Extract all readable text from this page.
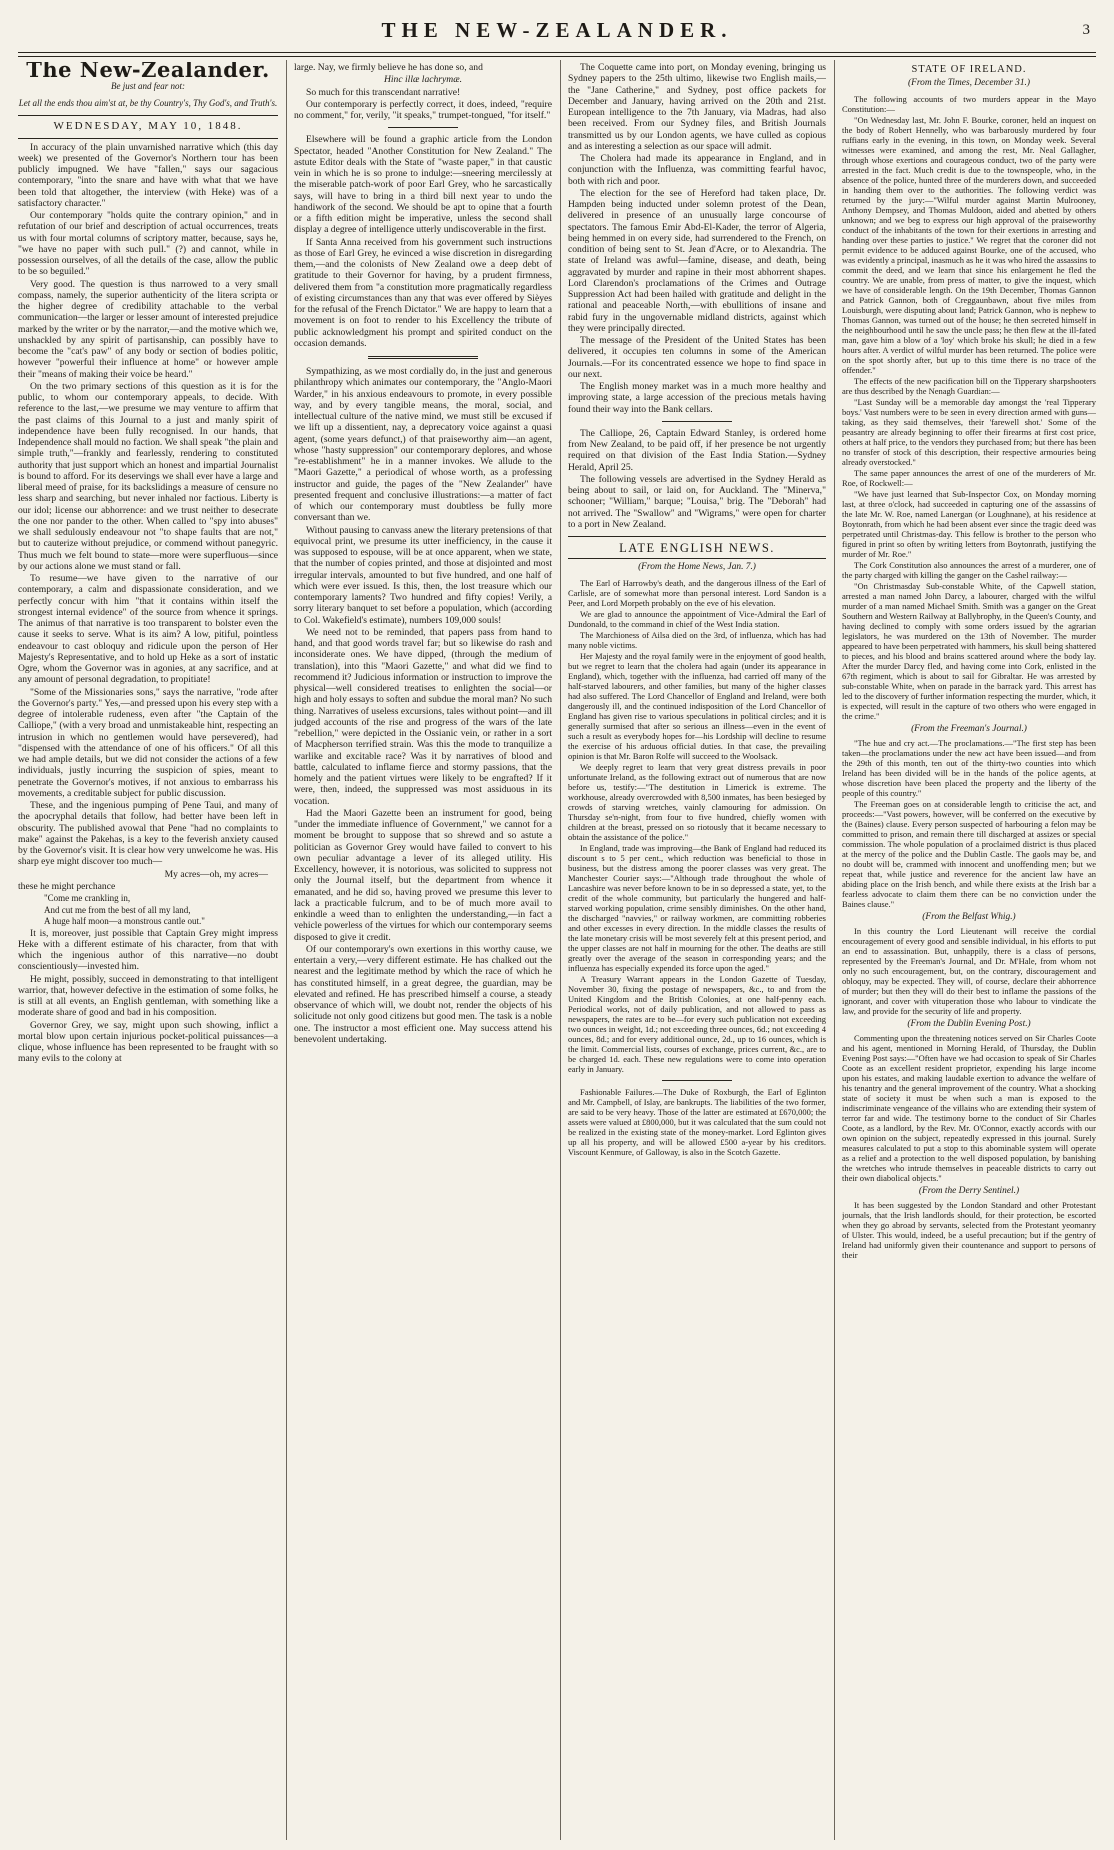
THE NEW-ZEALANDER.	3
The New-Zealander.
Be just and fear not:
Let all the ends thou aim'st at, be thy Country's, Thy God's, and Truth's.
WEDNESDAY, MAY 10, 1848.

In accuracy of the plain unvarnished narrative which (this day week) we presented of the Governor's Northern tour has been publicly impugned. We have "fallen," says our sagacious contemporary, "into the snare and have with what that we have been told that altogether, the interview (with Heke) was of a satisfactory character."

Our contemporary "holds quite the contrary opinion," and in refutation of our brief and description of actual occurrences, treats us with four mortal columns of scriptory matter, because, says he, "we have no paper with such pull." (?) and cannot, while in possession ourselves, of all the details of the case, allow the public to be so beguiled."

Very good. The question is thus narrowed to a very small compass, namely, the superior authenticity of the litera scripta or the higher degree of credibility attachable to the verbal communication—the larger or lesser amount of interested prejudice marked by the writer or by the narrator,—and the motive which we, unshackled by any spirit of partisanship, can possibly have to become the "cat's paw" of any body or section of bodies politic, however "powerful their influence at home" or however ample their "means of making their voice be heard."

On the two primary sections of this question as it is for the public, to whom our contemporary appeals, to decide. With reference to the last,—we presume we may venture to affirm that the past claims of this Journal to a just and manly spirit of independence have been fully recognised. In our hands, that Independence shall mould no faction. We shall speak "the plain and simple truth,"—frankly and fearlessly, rendering to constituted authority that just support which an honest and impartial Journalist is bound to afford. For its deservings we shall ever have a large and liberal meed of praise, for its backslidings a measure of censure no less sharp and searching, but never inhaled nor factious. Liberty is our idol; license our abhorrence: and we trust neither to desecrate the one nor pander to the other. When called to "spy into abuses" we shall sedulously endeavour not "to shape faults that are not," but to cauterize without prejudice, or commend without panegyric. Thus much we felt bound to state—more were superfluous—since by our actions alone we must stand or fall.

To resume—we have given to the narrative of our contemporary, a calm and dispassionate consideration, and we perfectly concur with him "that it contains within itself the strongest internal evidence" of the source from whence it springs. The animus of that narrative is too transparent to bolster even the cause it seeks to serve. What is its aim? A low, pitiful, pointless endeavour to cast obloquy and ridicule upon the person of Her Majesty's Representative, and to hold up Heke as a sort of instatic Ogre, whom the Governor was in agonies, at any sacrifice, and at any amount of personal degradation, to propitiate!

"Some of the Missionaries sons," says the narrative, "rode after the Governor's party." Yes,—and pressed upon his every step with a degree of intolerable rudeness, even after "the Captain of the Calliope," (with a very broad and unmistakeable hint, respecting an intrusion in which no gentlemen would have persevered), had "dispensed with the attendance of one of his officers." Of all this we had ample details, but we did not consider the actions of a few individuals, justly incurring the suspicion of spies, meant to penetrate the Governor's motives, if not anxious to embarrass his movements, a creditable subject for public discussion.

These, and the ingenious pumping of Pene Taui, and many of the apocryphal details that follow, had better have been left in obscurity. The published avowal that Pene "had no complaints to make" against the Pakehas, is a key to the feverish anxiety caused by the Governor's visit. It is clear how very unwelcome he was. His sharp eye might discover too much—

My acres—oh, my acres—

these he might perchance

"Come me crankling in,

And cut me from the best of all my land,

A huge half moon—a monstrous cantle out."

It is, moreover, just possible that Captain Grey might impress Heke with a different estimate of his character, from that with which the ingenious author of this narrative—no doubt conscientiously—invested him.

He might, possibly, succeed in demonstrating to that intelligent warrior, that, however defective in the estimation of some folks, he is still at all events, an English gentleman, with something like a moderate share of good and bad in his composition.

Governor Grey, we say, might upon such showing, inflict a mortal blow upon certain injurious pocket-political puissances—a clique, whose influence has been represented to be fraught with so many evils to the colony at

large. Nay, we firmly believe he has done so, and

Hinc illæ lachrymæ.

So much for this transcendant narrative!

Our contemporary is perfectly correct, it does, indeed, "require no comment," for, verily, "it speaks," trumpet-tongued, "for itself."

Elsewhere will be found a graphic article from the London Spectator, headed "Another Constitution for New Zealand." The astute Editor deals with the State of "waste paper," in that caustic vein in which he is so prone to indulge:—sneering mercilessly at the miserable patch-work of poor Earl Grey, who he sarcastically says, will have to bring in a third bill next year to undo the handiwork of the second. We should be apt to opine that a fourth or a fifth edition might be imperative, unless the second shall display a degree of intelligence utterly undiscoverable in the first.

If Santa Anna received from his government such instructions as those of Earl Grey, he evinced a wise discretion in disregarding them,—and the colonists of New Zealand owe a deep debt of gratitude to their Governor for having, by a prudent firmness, delivered them from "a constitution more pragmatically regardless of existing circumstances than any that was ever offered by Sièyes for the refusal of the French Dictator." We are happy to learn that a movement is on foot to render to his Excellency the tribute of public acknowledgment his prompt and spirited conduct on the occasion demands.

Sympathizing, as we most cordially do, in the just and generous philanthropy which animates our contemporary, the "Anglo-Maori Warder," in his anxious endeavours to promote, in every possible way, and by every tangible means, the moral, social, and intellectual culture of the native mind, we must still be excused if we lift up a dissentient, nay, a deprecatory voice against a quasi agent, (some years defunct,) of that praiseworthy aim—an agent, whose "hasty suppression" our contemporary deplores, and whose "re-establishment" he in a manner invokes. We allude to the "Maori Gazette," a periodical of whose worth, as a professing instructor and guide, the pages of the "New Zealander" have presented frequent and conclusive illustrations:—a matter of fact of which our contemporary must doubtless be fully more conversant than we.

Without pausing to canvass anew the literary pretensions of that equivocal print, we presume its utter inefficiency, in the cause it was supposed to espouse, will be at once apparent, when we state, that the number of copies printed, and those at disjointed and most irregular intervals, amounted to but five hundred, and one half of which were ever issued. Is this, then, the lost treasure which our contemporary laments? Two hundred and fifty copies! Verily, a sorry literary banquet to set before a population, which (according to Col. Wakefield's estimate), numbers 109,000 souls!

We need not to be reminded, that papers pass from hand to hand, and that good words travel far; but so likewise do rash and inconsiderate ones. We have dipped, (through the medium of translation), into this "Maori Gazette," and what did we find to recommend it? Judicious information or instruction to improve the physical—well considered treatises to enlighten the social—or high and holy essays to soften and subdue the moral man? No such thing. Narratives of useless excursions, tales without point—and ill judged accounts of the rise and progress of the wars of the late "rebellion," were depicted in the Ossianic vein, or rather in a sort of Macpherson terrified strain. Was this the mode to tranquilize a warlike and excitable race? Was it by narratives of blood and battle, calculated to inflame fierce and stormy passions, that the homely and the patient virtues were likely to be engrafted? If it were, then, indeed, the suppressed was most assiduous in its vocation.

Had the Maori Gazette been an instrument for good, being "under the immediate influence of Government," we cannot for a moment be brought to suppose that so shrewd and so astute a politician as Governor Grey would have failed to convert to his own peculiar advantage a lever of its alleged utility. His Excellency, however, it is notorious, was solicited to suppress not only the Journal itself, but the department from whence it emanated, and he did so, having proved we presume this lever to lack a practicable fulcrum, and to be of much more avail to enkindle a weed than to enlighten the understanding,—in fact a vehicle powerless of the virtues for which our contemporary seems disposed to give it credit.

Of our contemporary's own exertions in this worthy cause, we entertain a very,—very different estimate. He has chalked out the nearest and the legitimate method by which the race of which he has constituted himself, in a great degree, the guardian, may be elevated and refined. He has prescribed himself a course, a steady observance of which will, we doubt not, render the objects of his solicitude not only good citizens but good men. The task is a noble one. The instructor a most efficient one. May success attend his benevolent undertaking.

The Coquette came into port, on Monday evening, bringing us Sydney papers to the 25th ultimo, likewise two English mails,—the "Jane Catherine," and Sydney, post office packets for December and January, having arrived on the 20th and 21st. European intelligence to the 7th January, via Madras, had also been received. From our Sydney files, and British Journals transmitted us by our London agents, we have culled as copious and as interesting a selection as our space will admit.

The Cholera had made its appearance in England, and in conjunction with the Influenza, was committing fearful havoc, both with rich and poor.

The election for the see of Hereford had taken place, Dr. Hampden being inducted under solemn protest of the Dean, delivered in presence of an unusually large concourse of spectators. The famous Emir Abd-El-Kader, the terror of Algeria, being hemmed in on every side, had surrendered to the French, on condition of being sent to St. Jean d'Acre, or to Alexandria. The state of Ireland was awful—famine, disease, and death, being aggravated by murder and rapine in their most abhorrent shapes. Lord Clarendon's proclamations of the Crimes and Outrage Suppression Act had been hailed with gratitude and delight in the rational and peaceable North,—with ebullitions of insane and rabid fury in the ungovernable midland districts, against which they were principally directed.

The message of the President of the United States has been delivered, it occupies ten columns in some of the American Journals.—For its concentrated essence we hope to find space in our next.

The English money market was in a much more healthy and improving state, a large accession of the precious metals having found their way into the Bank cellars.

The Calliope, 26, Captain Edward Stanley, is ordered home from New Zealand, to be paid off, if her presence be not urgently required on that division of the East India Station.—Sydney Herald, April 25.

The following vessels are advertised in the Sydney Herald as being about to sail, or laid on, for Auckland. The "Minerva," schooner; "William," barque; "Louisa," brig. The "Deborah" had not arrived. The "Swallow" and "Wigrams," were open for charter to a port in New Zealand.

LATE ENGLISH NEWS.
(From the Home News, Jan. 7.)

The Earl of Harrowby's death, and the dangerous illness of the Earl of Carlisle, are of somewhat more than personal interest. Lord Sandon is a Peer, and Lord Morpeth probably on the eve of his elevation.

We are glad to announce the appointment of Vice-Admiral the Earl of Dundonald, to the command in chief of the West India station.

The Marchioness of Ailsa died on the 3rd, of influenza, which has had many noble victims.

Her Majesty and the royal family were in the enjoyment of good health, but we regret to learn that the cholera had again (under its appearance in England), which, together with the influenza, had carried off many of the half-starved labourers, and other families, but many of the higher classes had also suffered. The Lord Chancellor of England and Ireland, were both dangerously ill, and the continued indisposition of the Lord Chancellor of England has given rise to various speculations in political circles; and it is generally surmised that after so serious an illness—even in the event of such a result as everybody hopes for—his Lordship will decline to resume the exercise of his arduous official duties. In that case, the prevailing opinion is that Mr. Baron Rolfe will succeed to the Woolsack.

We deeply regret to learn that very great distress prevails in poor unfortunate Ireland, as the following extract out of numerous that are now before us, testify:—"The destitution in Limerick is extreme. The workhouse, already overcrowded with 8,500 inmates, has been besieged by crowds of starving wretches, vainly clamouring for admission. On Thursday se'n-night, from four to five hundred, chiefly women with children at the breast, pressed on so riotously that it became necessary to obtain the assistance of the police."

In England, trade was improving—the Bank of England had reduced its discount s to 5 per cent., which reduction was beneficial to those in business, but the distress among the poorer classes was very great. The Manchester Courier says:—"Although trade throughout the whole of Lancashire was never before known to be in so depressed a state, yet, to the credit of the whole community, but particularly the hungered and half-starved working population, crime sensibly diminishes. On the other hand, the discharged "navvies," or railway workmen, are committing robberies and other excesses in every direction. In the middle classes the results of the late monetary crisis will be most severely felt at this present period, and the upper classes are not half in mourning for the other. The deaths are still greatly over the average of the season in corresponding years; and the influenza has especially expended its force upon the aged."

A Treasury Warrant appears in the London Gazette of Tuesday, November 30, fixing the postage of newspapers, &c., to and from the United Kingdom and the British Colonies, at one half-penny each. Periodical works, not of daily publication, and not allowed to pass as newspapers, the rates are to be—for every such publication not exceeding two ounces in weight, 1d.; not exceeding three ounces, 6d.; not exceeding 4 ounces, 8d.; and for every additional ounce, 2d., up to 16 ounces, which is the limit. Commercial lists, courses of exchange, prices current, &c., are to be charged 1d. each. These new regulations were to come into operation early in January.

Fashionable Failures.—The Duke of Roxburgh, the Earl of Eglinton and Mr. Campbell, of Islay, are bankrupts. The liabilities of the two former, are said to be very heavy. Those of the latter are estimated at £670,000; the assets were valued at £800,000, but it was calculated that the sum could not be realized in the existing state of the money-market. Lord Eglinton gives up all his property, and will be allowed £500 a-year by his creditors. Viscount Kenmure, of Galloway, is also in the Scotch Gazette.

STATE OF IRELAND.
(From the Times, December 31.)

The following accounts of two murders appear in the Mayo Constitution:—

"On Wednesday last, Mr. John F. Bourke, coroner, held an inquest on the body of Robert Hennelly, who was barbarously murdered by four ruffians early in the evening, in this town, on Monday week. Several witnesses were examined, and among the rest, Mr. Neal Gallagher, through whose exertions and courageous conduct, two of the party were arrested in the fact. Much credit is due to the townspeople, who, in the absence of the police, hunted three of the murderers down, and succeeded in handing them over to the authorities. The following verdict was returned by the jury:—"Wilful murder against Martin Mulrooney, Anthony Dempsey, and Thomas Muldoon, aided and abetted by others unknown; and we beg to express our high approval of the praiseworthy conduct of the inhabitants of the town for their exertions in arresting and handing over these parties to justice." We regret that the coroner did not permit evidence to be adduced against Bourke, one of the accused, who was evidently a principal, inasmuch as he it was who hired the assassins to commit the deed, and we learn that since his enlargement he fled the country. We are unable, from press of matter, to give the inquest, which we have of considerable length. On the 19th December, Thomas Gannon and Patrick Gannon, both of Creggaunbawn, about five miles from Louisburgh, were disputing about land; Patrick Gannon, who is nephew to Thomas Gannon, was turned out of the house; he then secreted himself in the neighbourhood until he saw the uncle pass; he then flew at the ill-fated man, gave him a blow of a 'loy' which broke his skull; he died in a few hours after. A verdict of wilful murder has been returned. The police were on the spot shortly after, but up to this time there is no trace of the offender."

The effects of the new pacification bill on the Tipperary sharpshooters are thus described by the Nenagh Guardian:—

"Last Sunday will be a memorable day amongst the 'real Tipperary boys.' Vast numbers were to be seen in every direction armed with guns—taking, as they said themselves, their 'farewell shot.' Some of the peasantry are already beginning to offer their firearms at first cost price, others at half price, to the vendors they purchased from; but there has been no transfer of stock of this description, their respective armouries being already overstocked."

The same paper announces the arrest of one of the murderers of Mr. Roe, of Rockwell:—

"We have just learned that Sub-Inspector Cox, on Monday morning last, at three o'clock, had succeeded in capturing one of the assassins of the late Mr. W. Roe, named Lanergan (or Loughnane), at his residence at Boytonrath, from which he had been absent ever since the tragic deed was perpetrated until Christmas-day. This fellow is brother to the person who figured in print so often by writing letters from Boytonrath, justifying the murder of Mr. Roe."

The Cork Constitution also announces the arrest of a murderer, one of the party charged with killing the ganger on the Cashel railway:—

"On Christmasday Sub-constable White, of the Capwell station, arrested a man named John Darcy, a labourer, charged with the wilful murder of a man named Michael Smith. Smith was a ganger on the Great Southern and Western Railway at Ballybrophy, in the Queen's County, and having declined to comply with some orders issued by the agrarian legislators, he was murdered on the 13th of November. The murder appeared to have been perpetrated with hammers, his skull being shattered to pieces, and his blood and brains scattered around where the body lay. After the murder Darcy fled, and having come into Cork, enlisted in the 67th regiment, which is about to sail for Gibraltar. He was arrested by sub-constable White, when on parade in the barrack yard. This arrest has led to the discovery of further information respecting the murder, which, it is expected, will result in the capture of two others who were engaged in the crime."

(From the Freeman's Journal.)

"The hue and cry act.—The proclamations.—"The first step has been taken—the proclamations under the new act have been issued—and from the 29th of this month, ten out of the thirty-two counties into which Ireland has been divided will be in the hands of the police agents, at whose discretion have been placed the property and the liberty of the people of this country."

The Freeman goes on at considerable length to criticise the act, and proceeds:—"Vast powers, however, will be conferred on the executive by the (Baines) clause. Every person suspected of harbouring a felon may be committed to prison, and remain there till discharged at assizes or special commission. The whole population of a proclaimed district is thus placed at the mercy of the police and the Dublin Castle. The gaols may be, and no doubt will be, crammed with innocent and unoffending men; but we repeat that, while justice and reverence for the ancient law have an abiding place on the Irish bench, and while there exists at the Irish bar a fearless advocate to claim them there can be no conviction under the Baines clause."

(From the Belfast Whig.)

In this country the Lord Lieutenant will receive the cordial encouragement of every good and sensible individual, in his efforts to put an end to assassination. But, unhappily, there is a class of persons, represented by the Freeman's Journal, and Dr. M'Hale, from whom not only no such encouragement, but, on the contrary, discouragement and obloquy, may be expected. They will, of course, declare their abhorrence of murder; but then they will do their best to inflame the passions of the ignorant, and cover with vituperation those who labour to vindicate the law, and provide for the security of life and property.

(From the Dublin Evening Post.)

Commenting upon the threatening notices served on Sir Charles Coote and his agent, mentioned in Morning Herald, of Thursday, the Dublin Evening Post says:—"Often have we had occasion to speak of Sir Charles Coote as an excellent resident proprietor, expending his large income upon his estates, and making laudable exertion to advance the welfare of his tenantry and the general improvement of the country. What a shocking state of society it must be when such a man is exposed to the indiscriminate vengeance of the villains who are extending their system of terror far and wide. The testimony borne to the conduct of Sir Charles Coote, as a landlord, by the Rev. Mr. O'Connor, exactly accords with our own opinion on the subject, repeatedly expressed in this journal. Surely measures calculated to put a stop to this abominable system will operate as a relief and a protection to the well disposed population, by banishing the wretches who intrude themselves in peaceable districts to carry out their own diabolical objects."

(From the Derry Sentinel.)

It has been suggested by the London Standard and other Protestant journals, that the Irish landlords should, for their protection, be escorted when they go abroad by servants, selected from the Protestant yeomanry of Ulster. This would, indeed, be a useful precaution; but if the gentry of Ireland had uniformly given their countenance and support to persons of their
